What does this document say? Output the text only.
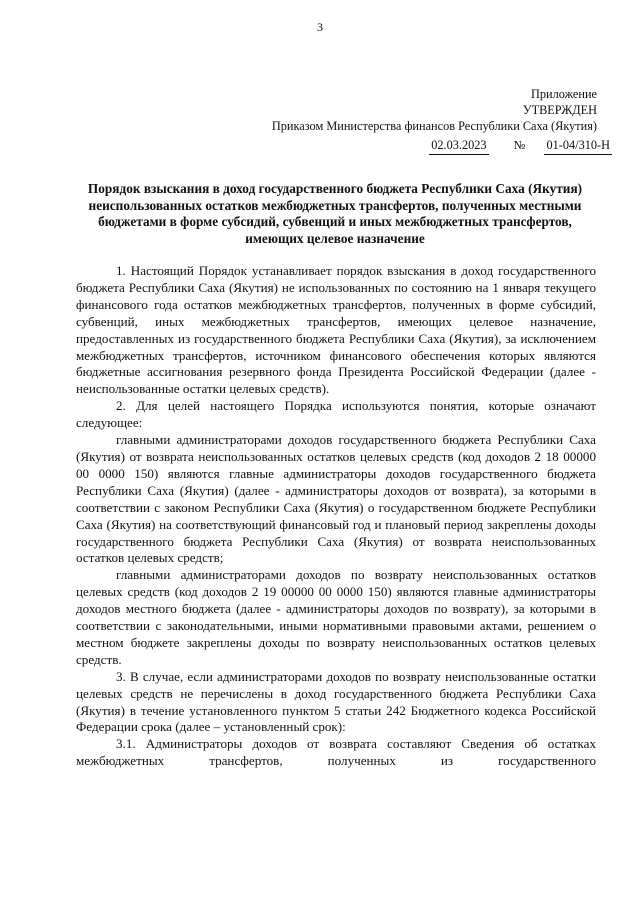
3
Приложение
УТВЕРЖДЕН
Приказом Министерства финансов Республики Саха (Якутия)
02.03.2023 № 01-04/310-Н
Порядок взыскания в доход государственного бюджета Республики Саха (Якутия) неиспользованных остатков межбюджетных трансфертов, полученных местными бюджетами в форме субсидий, субвенций и иных межбюджетных трансфертов, имеющих целевое назначение

1. Настоящий Порядок устанавливает порядок взыскания в доход государственного бюджета Республики Саха (Якутия) не использованных по состоянию на 1 января текущего финансового года остатков межбюджетных трансфертов, полученных в форме субсидий, субвенций, иных межбюджетных трансфертов, имеющих целевое назначение, предоставленных из государственного бюджета Республики Саха (Якутия), за исключением межбюджетных трансфертов, источником финансового обеспечения которых являются бюджетные ассигнования резервного фонда Президента Российской Федерации (далее - неиспользованные остатки целевых средств).

2. Для целей настоящего Порядка используются понятия, которые означают следующее:

главными администраторами доходов государственного бюджета Республики Саха (Якутия) от возврата неиспользованных остатков целевых средств (код доходов 2 18 00000 00 0000 150) являются главные администраторы доходов государственного бюджета Республики Саха (Якутия) (далее - администраторы доходов от возврата), за которыми в соответствии с законом Республики Саха (Якутия) о государственном бюджете Республики Саха (Якутия) на соответствующий финансовый год и плановый период закреплены доходы государственного бюджета Республики Саха (Якутия) от возврата неиспользованных остатков целевых средств;

главными администраторами доходов по возврату неиспользованных остатков целевых средств (код доходов 2 19 00000 00 0000 150) являются главные администраторы доходов местного бюджета (далее - администраторы доходов по возврату), за которыми в соответствии с законодательными, иными нормативными правовыми актами, решением о местном бюджете закреплены доходы по возврату неиспользованных остатков целевых средств.

3. В случае, если администраторами доходов по возврату неиспользованные остатки целевых средств не перечислены в доход государственного бюджета Республики Саха (Якутия) в течение установленного пунктом 5 статьи 242 Бюджетного кодекса Российской Федерации срока (далее – установленный срок):

3.1. Администраторы доходов от возврата составляют Сведения об остатках межбюджетных трансфертов, полученных из государственного
